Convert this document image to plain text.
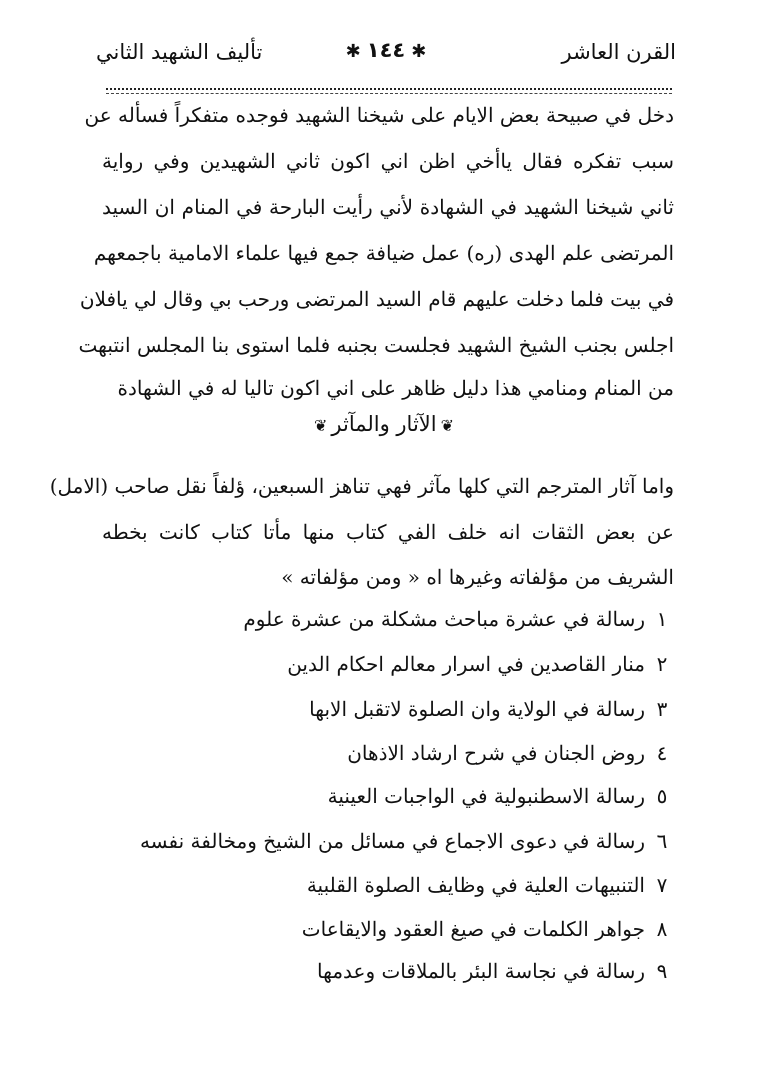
القرن العاشر
✱١٤٤✱
تأليف الشهيد الثاني
دخل في صبيحة بعض الايام على شيخنا الشهيد فوجده متفكراً فسأله عن
سبب تفكره فقال ياأخي اظن اني اكون ثاني الشهيدين وفي رواية
ثاني شيخنا الشهيد في الشهادة لأني رأيت البارحة في المنام ان السيد
المرتضى علم الهدى (ره) عمل ضيافة جمع فيها علماء الامامية باجمعهم
في بيت فلما دخلت عليهم قام السيد المرتضى ورحب بي وقال لي يافلان
اجلس بجنب الشيخ الشهيد فجلست بجنبه فلما استوى بنا المجلس انتبهت
من المنام ومنامي هذا دليل ظاهر على اني اكون تاليا له في الشهادة
❦الآثار والمآثر❦
واما آثار المترجم التي كلها مآثر فهي تناهز السبعين، ؤلفاً نقل صاحب (الامل)
عن بعض الثقات انه خلف الفي كتاب منها مأتا كتاب كانت بخطه
الشريف من مؤلفاته وغيرها اه « ومن مؤلفاته »
١رسالة في عشرة مباحث مشكلة من عشرة علوم
٢منار القاصدين في اسرار معالم احكام الدين
٣رسالة في الولاية وان الصلوة لاتقبل الابها
٤روض الجنان في شرح ارشاد الاذهان
٥رسالة الاسطنبولية في الواجبات العينية
٦رسالة في دعوى الاجماع في مسائل من الشيخ ومخالفة نفسه
٧التنبيهات العلية في وظايف الصلوة القلبية
٨جواهر الكلمات في صيغ العقود والايقاعات
٩رسالة في نجاسة البئر بالملاقات وعدمها
